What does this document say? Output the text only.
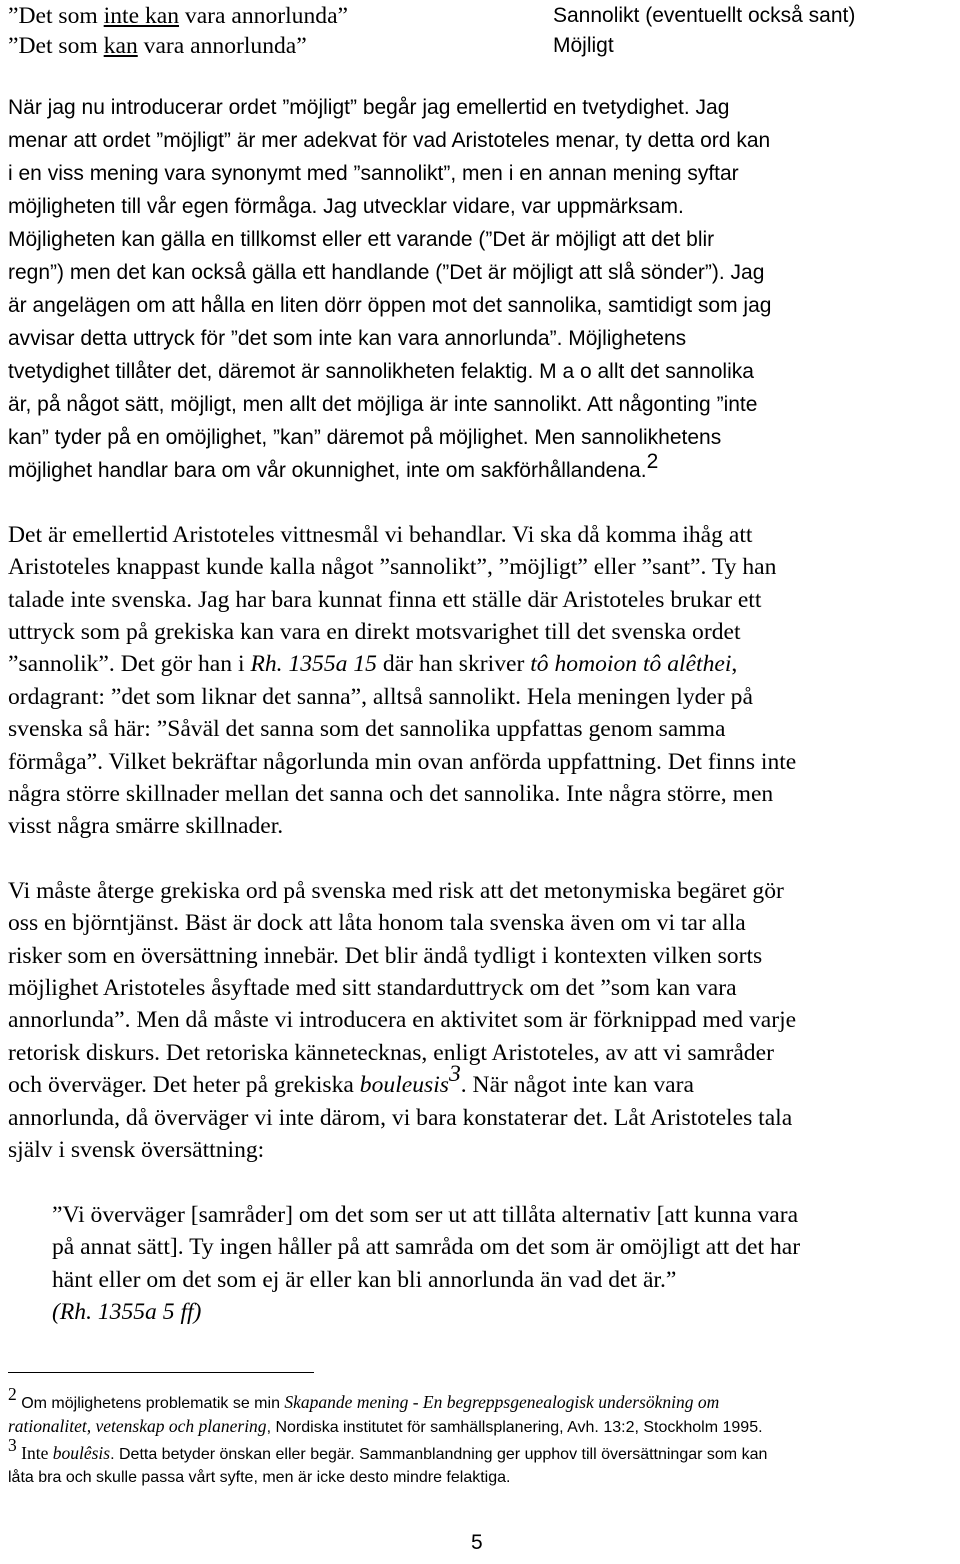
”Det som inte kan vara annorlunda”	Sannolikt (eventuellt också sant)
”Det som kan vara annorlunda”	Möjligt
När jag nu introducerar ordet ”möjligt” begår jag emellertid en tvetydighet. Jag
menar att ordet ”möjligt” är mer adekvat för vad Aristoteles menar, ty detta ord kan
i en viss mening vara synonymt med ”sannolikt”, men i en annan mening syftar
möjligheten till vår egen förmåga. Jag utvecklar vidare, var uppmärksam.
Möjligheten kan gälla en tillkomst eller ett varande (”Det är möjligt att det blir
regn”) men det kan också gälla ett handlande (”Det är möjligt att slå sönder”). Jag
är angelägen om att hålla en liten dörr öppen mot det sannolika, samtidigt som jag
avvisar detta uttryck för ”det som inte kan vara annorlunda”. Möjlighetens
tvetydighet tillåter det, däremot är sannolikheten felaktig. M a o allt det sannolika
är, på något sätt, möjligt, men allt det möjliga är inte sannolikt. Att någonting ”inte
kan” tyder på en omöjlighet, ”kan” däremot på möjlighet. Men sannolikhetens
möjlighet handlar bara om vår okunnighet, inte om sakförhållandena.$^2$
Det är emellertid Aristoteles vittnesmål vi behandlar. Vi ska då komma ihåg att
Aristoteles knappast kunde kalla något ”sannolikt”, ”möjligt” eller ”sant”. Ty han
talade inte svenska. Jag har bara kunnat finna ett ställe där Aristoteles brukar ett
uttryck som på grekiska kan vara en direkt motsvarighet till det svenska ordet
”sannolik”. Det gör han i Rh. 1355a 15 där han skriver tô homoion tô alêthei,
ordagrant: ”det som liknar det sanna”, alltså sannolikt. Hela meningen lyder på
svenska så här: ”Såväl det sanna som det sannolika uppfattas genom samma
förmåga”. Vilket bekräftar någorlunda min ovan anförda uppfattning. Det finns inte
några större skillnader mellan det sanna och det sannolika. Inte några större, men
visst några smärre skillnader.
Vi måste återge grekiska ord på svenska med risk att det metonymiska begäret gör
oss en björntjänst. Bäst är dock att låta honom tala svenska även om vi tar alla
risker som en översättning innebär. Det blir ändå tydligt i kontexten vilken sorts
möjlighet Aristoteles åsyftade med sitt standarduttryck om det ”som kan vara
annorlunda”. Men då måste vi introducera en aktivitet som är förknippad med varje
retorisk diskurs. Det retoriska kännetecknas, enligt Aristoteles, av att vi samråder
och överväger. Det heter på grekiska bouleusis$^3$. När något inte kan vara
annorlunda, då överväger vi inte därom, vi bara konstaterar det. Låt Aristoteles tala
själv i svensk översättning:
”Vi överväger [samråder] om det som ser ut att tillåta alternativ [att kunna vara
på annat sätt]. Ty ingen håller på att samråda om det som är omöjligt att det har
hänt eller om det som ej är eller kan bli annorlunda än vad det är.”
(Rh. 1355a 5 ff)
$^2$ Om möjlighetens problematik se min Skapande mening - En begreppsgenealogisk undersökning om
rationalitet, vetenskap och planering, Nordiska institutet för samhällsplanering, Avh. 13:2, Stockholm 1995.
$^3$ Inte boulêsis. Detta betyder önskan eller begär. Sammanblandning ger upphov till översättningar som kan
låta bra och skulle passa vårt syfte, men är icke desto mindre felaktiga.
5
